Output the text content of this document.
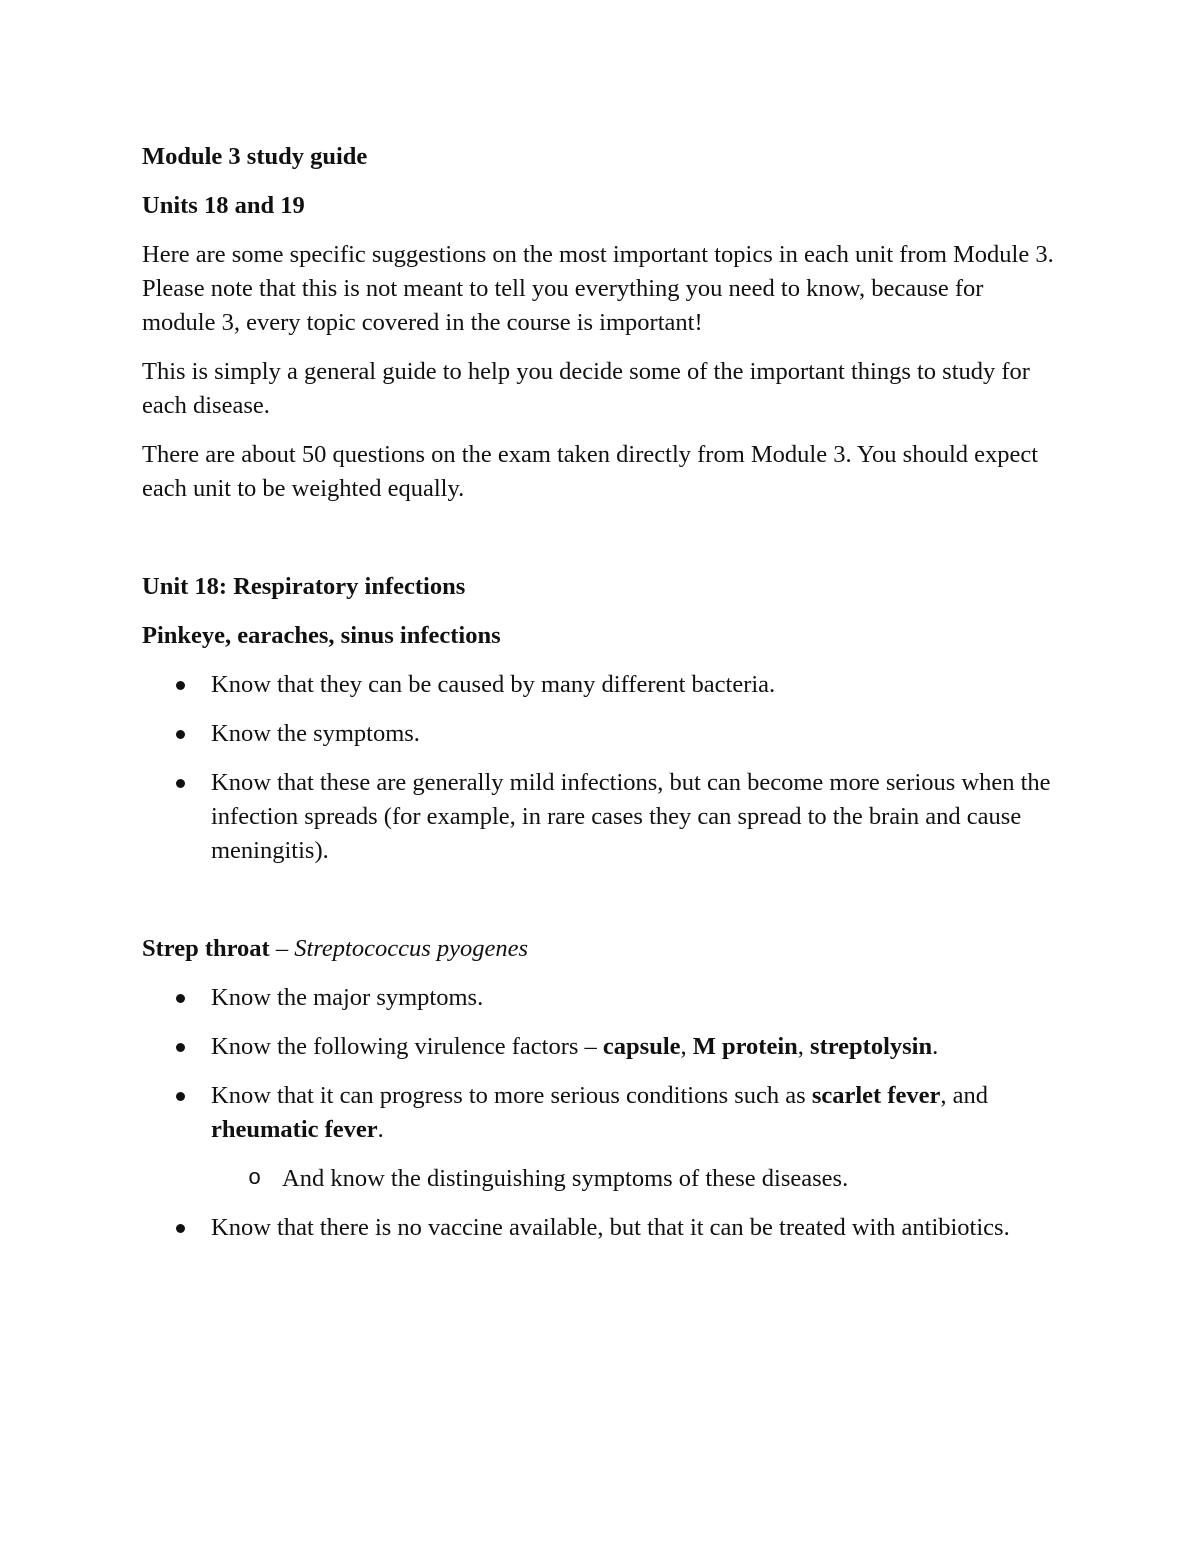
Module 3 study guide

Units 18 and 19

Here are some specific suggestions on the most important topics in each unit from Module 3. Please note that this is not meant to tell you everything you need to know, because for module 3, every topic covered in the course is important!

This is simply a general guide to help you decide some of the important things to study for each disease.

There are about 50 questions on the exam taken directly from Module 3. You should expect each unit to be weighted equally.

Unit 18: Respiratory infections

Pinkeye, earaches, sinus infections

Know that they can be caused by many different bacteria.
Know the symptoms.
Know that these are generally mild infections, but can become more serious when the infection spreads (for example, in rare cases they can spread to the brain and cause meningitis).

Strep throat – Streptococcus pyogenes

Know the major symptoms.
Know the following virulence factors – capsule, M protein, streptolysin.
Know that it can progress to more serious conditions such as scarlet fever, and rheumatic fever.
o And know the distinguishing symptoms of these diseases.
Know that there is no vaccine available, but that it can be treated with antibiotics.
